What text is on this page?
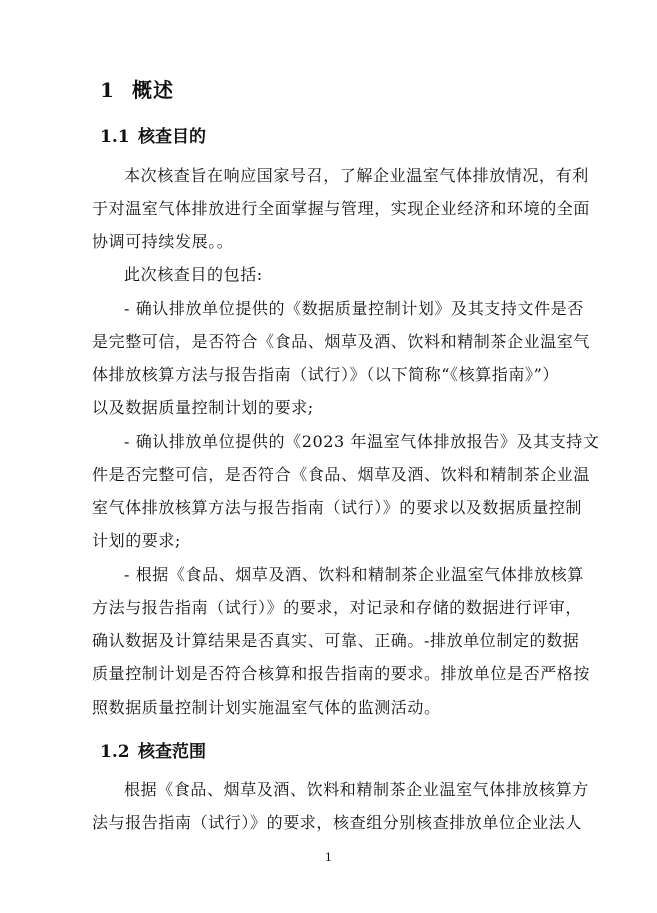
1 概述
1.1 核查目的
本次核查旨在响应国家号召，了解企业温室气体排放情况，有利
于对温室气体排放进行全面掌握与管理，实现企业经济和环境的全面
协调可持续发展。。
此次核查目的包括:
- 确认排放单位提供的《数据质量控制计划》及其支持文件是否
是完整可信，是否符合《食品、烟草及酒、饮料和精制茶企业温室气
体排放核算方法与报告指南（试行）》（以下简称“《核算指南》”）
以及数据质量控制计划的要求;
- 确认排放单位提供的《2023 年温室气体排放报告》及其支持文
件是否完整可信，是否符合《食品、烟草及酒、饮料和精制茶企业温
室气体排放核算方法与报告指南（试行）》的要求以及数据质量控制
计划的要求;
- 根据《食品、烟草及酒、饮料和精制茶企业温室气体排放核算
方法与报告指南（试行）》的要求，对记录和存储的数据进行评审，
确认数据及计算结果是否真实、可靠、正确。-排放单位制定的数据
质量控制计划是否符合核算和报告指南的要求。排放单位是否严格按
照数据质量控制计划实施温室气体的监测活动。
1.2 核查范围
根据《食品、烟草及酒、饮料和精制茶企业温室气体排放核算方
法与报告指南（试行）》的要求，核查组分别核查排放单位企业法人
1
